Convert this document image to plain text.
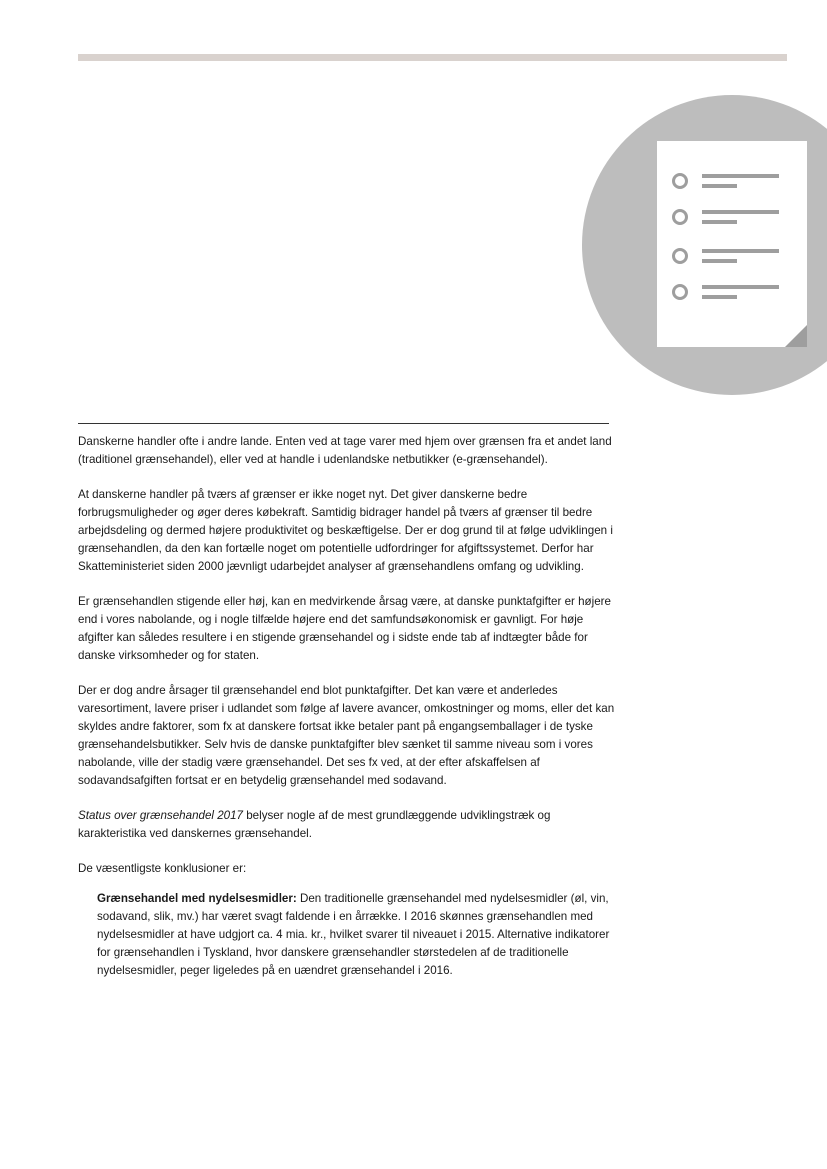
Danskerne handler ofte i andre lande. Enten ved at tage varer med hjem over grænsen fra et andet land (traditionel grænsehandel), eller ved at handle i udenlandske netbutikker (e-grænsehandel).

At danskerne handler på tværs af grænser er ikke noget nyt. Det giver danskerne bedre forbrugsmuligheder og øger deres købekraft. Samtidig bidrager handel på tværs af grænser til bedre arbejdsdeling og dermed højere produktivitet og beskæftigelse. Der er dog grund til at følge udviklingen i grænsehandlen, da den kan fortælle noget om potentielle udfordringer for afgiftssystemet. Derfor har Skatteministeriet siden 2000 jævnligt udarbejdet analyser af grænsehandlens omfang og udvikling.

Er grænsehandlen stigende eller høj, kan en medvirkende årsag være, at danske punktafgifter er højere end i vores nabolande, og i nogle tilfælde højere end det samfundsøkonomisk er gavnligt. For høje afgifter kan således resultere i en stigende grænsehandel og i sidste ende tab af indtægter både for danske virksomheder og for staten.

Der er dog andre årsager til grænsehandel end blot punktafgifter. Det kan være et anderledes varesortiment, lavere priser i udlandet som følge af lavere avancer, omkostninger og moms, eller det kan skyldes andre faktorer, som fx at danskere fortsat ikke betaler pant på engangsemballager i de tyske grænsehandelsbutikker. Selv hvis de danske punktafgifter blev sænket til samme niveau som i vores nabolande, ville der stadig være grænsehandel. Det ses fx ved, at der efter afskaffelsen af sodavandsafgiften fortsat er en betydelig grænsehandel med sodavand.

Status over grænsehandel 2017 belyser nogle af de mest grundlæggende udviklingstræk og karakteristika ved danskernes grænsehandel.

De væsentligste konklusioner er:

Grænsehandel med nydelsesmidler: Den traditionelle grænsehandel med nydelsesmidler (øl, vin, sodavand, slik, mv.) har været svagt faldende i en årrække. I 2016 skønnes grænsehandlen med nydelsesmidler at have udgjort ca. 4 mia. kr., hvilket svarer til niveauet i 2015. Alternative indikatorer for grænsehandlen i Tyskland, hvor danskere grænsehandler størstedelen af de traditionelle nydelsesmidler, peger ligeledes på en uændret grænsehandel i 2016.
